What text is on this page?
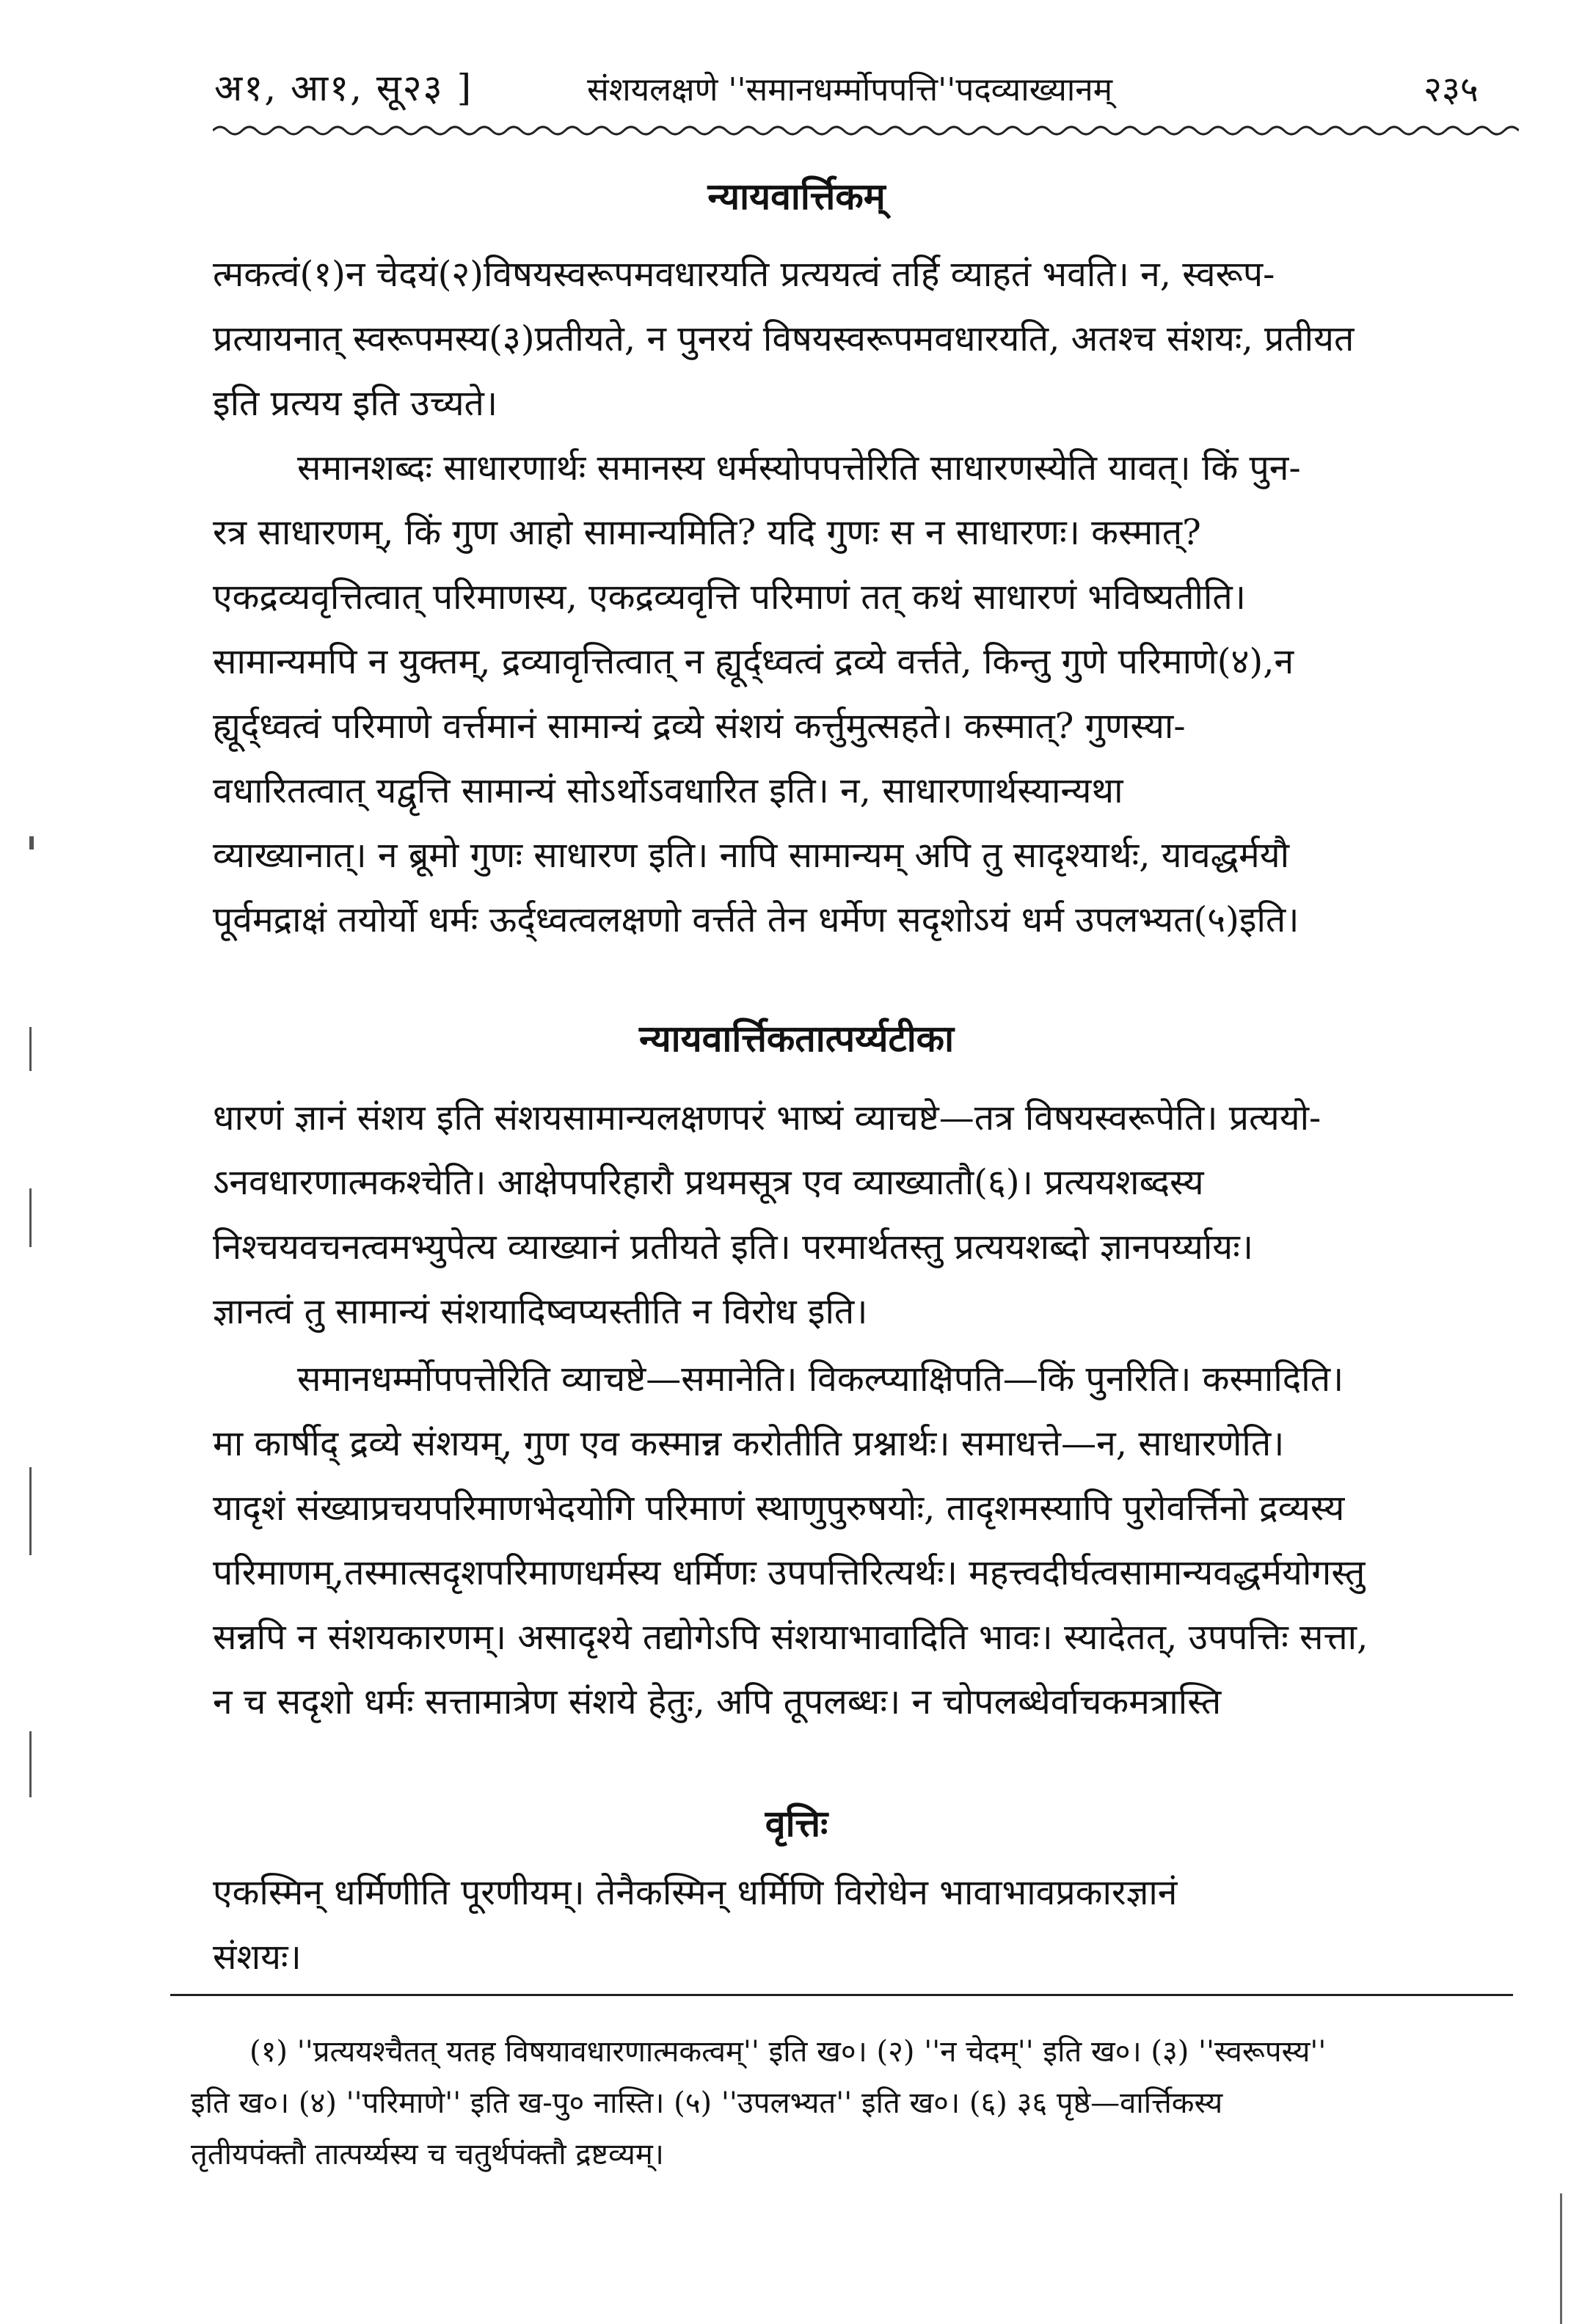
अ१, आ१, सू२३ ]	संशयलक्षणे ''समानधर्म्मोपपत्ति''पदव्याख्यानम्	२३५
न्यायवार्त्तिकम्
त्मकत्वं(१)न चेदयं(२)विषयस्वरूपमवधारयति प्रत्ययत्वं तर्हि व्याहतं भवति। न, स्वरूप-
प्रत्यायनात् स्वरूपमस्य(३)प्रतीयते, न पुनरयं विषयस्वरूपमवधारयति, अतश्च संशयः, प्रतीयत
इति प्रत्यय इति उच्यते।
समानशब्दः साधारणार्थः समानस्य धर्मस्योपपत्तेरिति साधारणस्येति यावत्। किं पुन-
रत्र साधारणम्, किं गुण आहो सामान्यमिति? यदि गुणः स न साधारणः। कस्मात्?
एकद्रव्यवृत्तित्वात् परिमाणस्य, एकद्रव्यवृत्ति परिमाणं तत् कथं साधारणं भविष्यतीति।
सामान्यमपि न युक्तम्, द्रव्यावृत्तित्वात् न ह्यूर्द्ध्वत्वं द्रव्ये वर्त्तते, किन्तु गुणे परिमाणे(४),न
ह्यूर्द्ध्वत्वं परिमाणे वर्त्तमानं सामान्यं द्रव्ये संशयं कर्त्तुमुत्सहते। कस्मात्? गुणस्या-
वधारितत्वात् यद्वृत्ति सामान्यं सोऽर्थोऽवधारित इति। न, साधारणार्थस्यान्यथा
व्याख्यानात्। न ब्रूमो गुणः साधारण इति। नापि सामान्यम् अपि तु सादृश्यार्थः, यावद्धर्मयौ
पूर्वमद्राक्षं तयोर्यो धर्मः ऊर्द्ध्वत्वलक्षणो वर्त्तते तेन धर्मेण सदृशोऽयं धर्म उपलभ्यत(५)इति।
न्यायवार्त्तिकतात्पर्य्यटीका
धारणं ज्ञानं संशय इति संशयसामान्यलक्षणपरं भाष्यं व्याचष्टे—तत्र विषयस्वरूपेति। प्रत्ययो-
ऽनवधारणात्मकश्चेति। आक्षेपपरिहारौ प्रथमसूत्र एव व्याख्यातौ(६)। प्रत्ययशब्दस्य
निश्चयवचनत्वमभ्युपेत्य व्याख्यानं प्रतीयते इति। परमार्थतस्तु प्रत्ययशब्दो ज्ञानपर्य्यायः।
ज्ञानत्वं तु सामान्यं संशयादिष्वप्यस्तीति न विरोध इति।
समानधर्म्मोपपत्तेरिति व्याचष्टे—समानेति। विकल्प्याक्षिपति—किं पुनरिति। कस्मादिति।
मा कार्षीद् द्रव्ये संशयम्, गुण एव कस्मान्न करोतीति प्रश्नार्थः। समाधत्ते—न, साधारणेति।
यादृशं संख्याप्रचयपरिमाणभेदयोगि परिमाणं स्थाणुपुरुषयोः, तादृशमस्यापि पुरोवर्त्तिनो द्रव्यस्य
परिमाणम्,तस्मात्सदृशपरिमाणधर्मस्य धर्मिणः उपपत्तिरित्यर्थः। महत्त्वदीर्घत्वसामान्यवद्धर्मयोगस्तु
सन्नपि न संशयकारणम्। असादृश्ये तद्योगेऽपि संशयाभावादिति भावः। स्यादेतत्, उपपत्तिः सत्ता,
न च सदृशो धर्मः सत्तामात्रेण संशये हेतुः, अपि तूपलब्धः। न चोपलब्धेर्वाचकमत्रास्ति
वृत्तिः
एकस्मिन् धर्मिणीति पूरणीयम्। तेनैकस्मिन् धर्मिणि विरोधेन भावाभावप्रकारज्ञानं
संशयः।
(१) ''प्रत्ययश्चैतत् यतह विषयावधारणात्मकत्वम्'' इति ख०। (२) ''न चेदम्'' इति ख०। (३) ''स्वरूपस्य''
इति ख०। (४) ''परिमाणे'' इति ख-पु० नास्ति। (५) ''उपलभ्यत'' इति ख०। (६) ३६ पृष्ठे—वार्त्तिकस्य
तृतीयपंक्तौ तात्पर्य्यस्य च चतुर्थपंक्तौ द्रष्टव्यम्।
